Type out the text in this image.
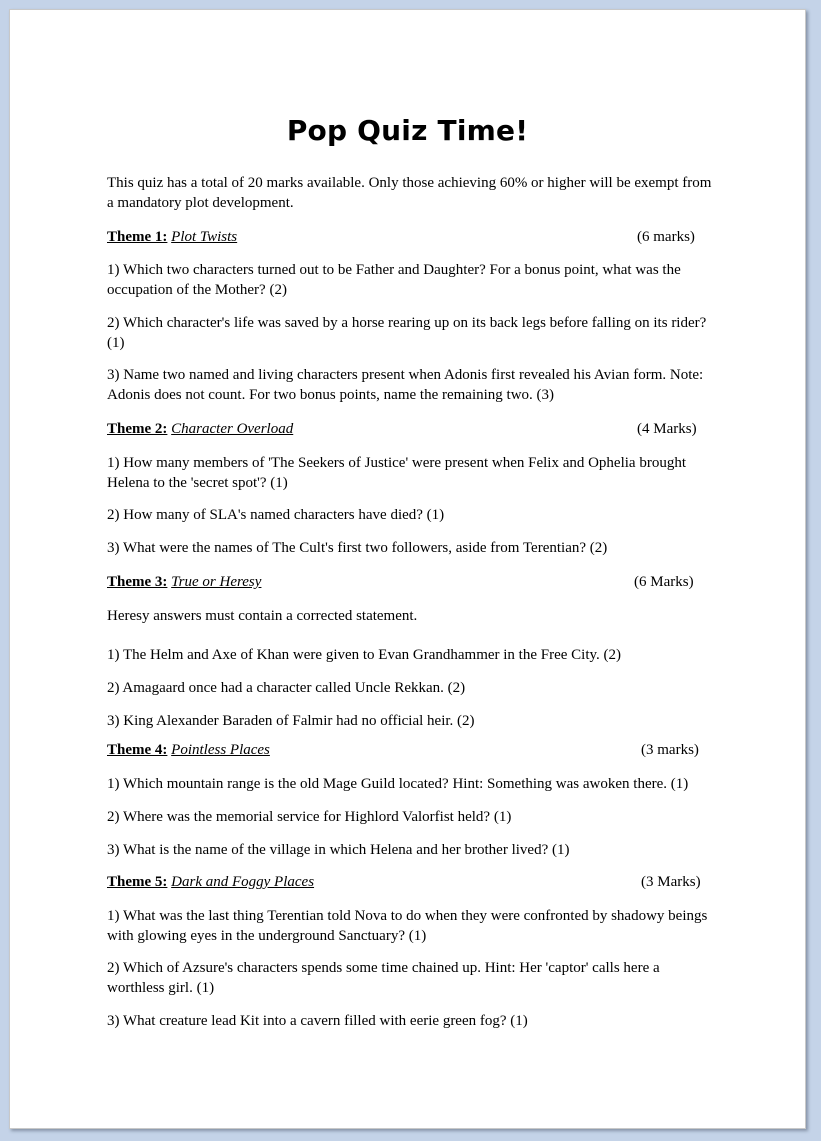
Pop Quiz Time!
This quiz has a total of 20 marks available. Only those achieving 60% or higher will be exempt from a mandatory plot development.
Theme 1: Plot Twists	(6 marks)
1) Which two characters turned out to be Father and Daughter? For a bonus point, what was the occupation of the Mother? (2)
2) Which character's life was saved by a horse rearing up on its back legs before falling on its rider? (1)
3) Name two named and living characters present when Adonis first revealed his Avian form. Note: Adonis does not count. For two bonus points, name the remaining two. (3)
Theme 2: Character Overload	(4 Marks)
1) How many members of 'The Seekers of Justice' were present when Felix and Ophelia brought Helena to the 'secret spot'? (1)
2) How many of SLA's named characters have died? (1)
3) What were the names of The Cult's first two followers, aside from Terentian? (2)
Theme 3: True or Heresy	(6 Marks)
Heresy answers must contain a corrected statement.
1) The Helm and Axe of Khan were given to Evan Grandhammer in the Free City. (2)
2) Amagaard once had a character called Uncle Rekkan. (2)
3) King Alexander Baraden of Falmir had no official heir. (2)
Theme 4: Pointless Places	(3 marks)
1) Which mountain range is the old Mage Guild located? Hint: Something was awoken there. (1)
2) Where was the memorial service for Highlord Valorfist held? (1)
3) What is the name of the village in which Helena and her brother lived? (1)
Theme 5: Dark and Foggy Places	(3 Marks)
1) What was the last thing Terentian told Nova to do when they were confronted by shadowy beings with glowing eyes in the underground Sanctuary? (1)
2) Which of Azsure's characters spends some time chained up. Hint: Her 'captor' calls here a worthless girl. (1)
3) What creature lead Kit into a cavern filled with eerie green fog? (1)
